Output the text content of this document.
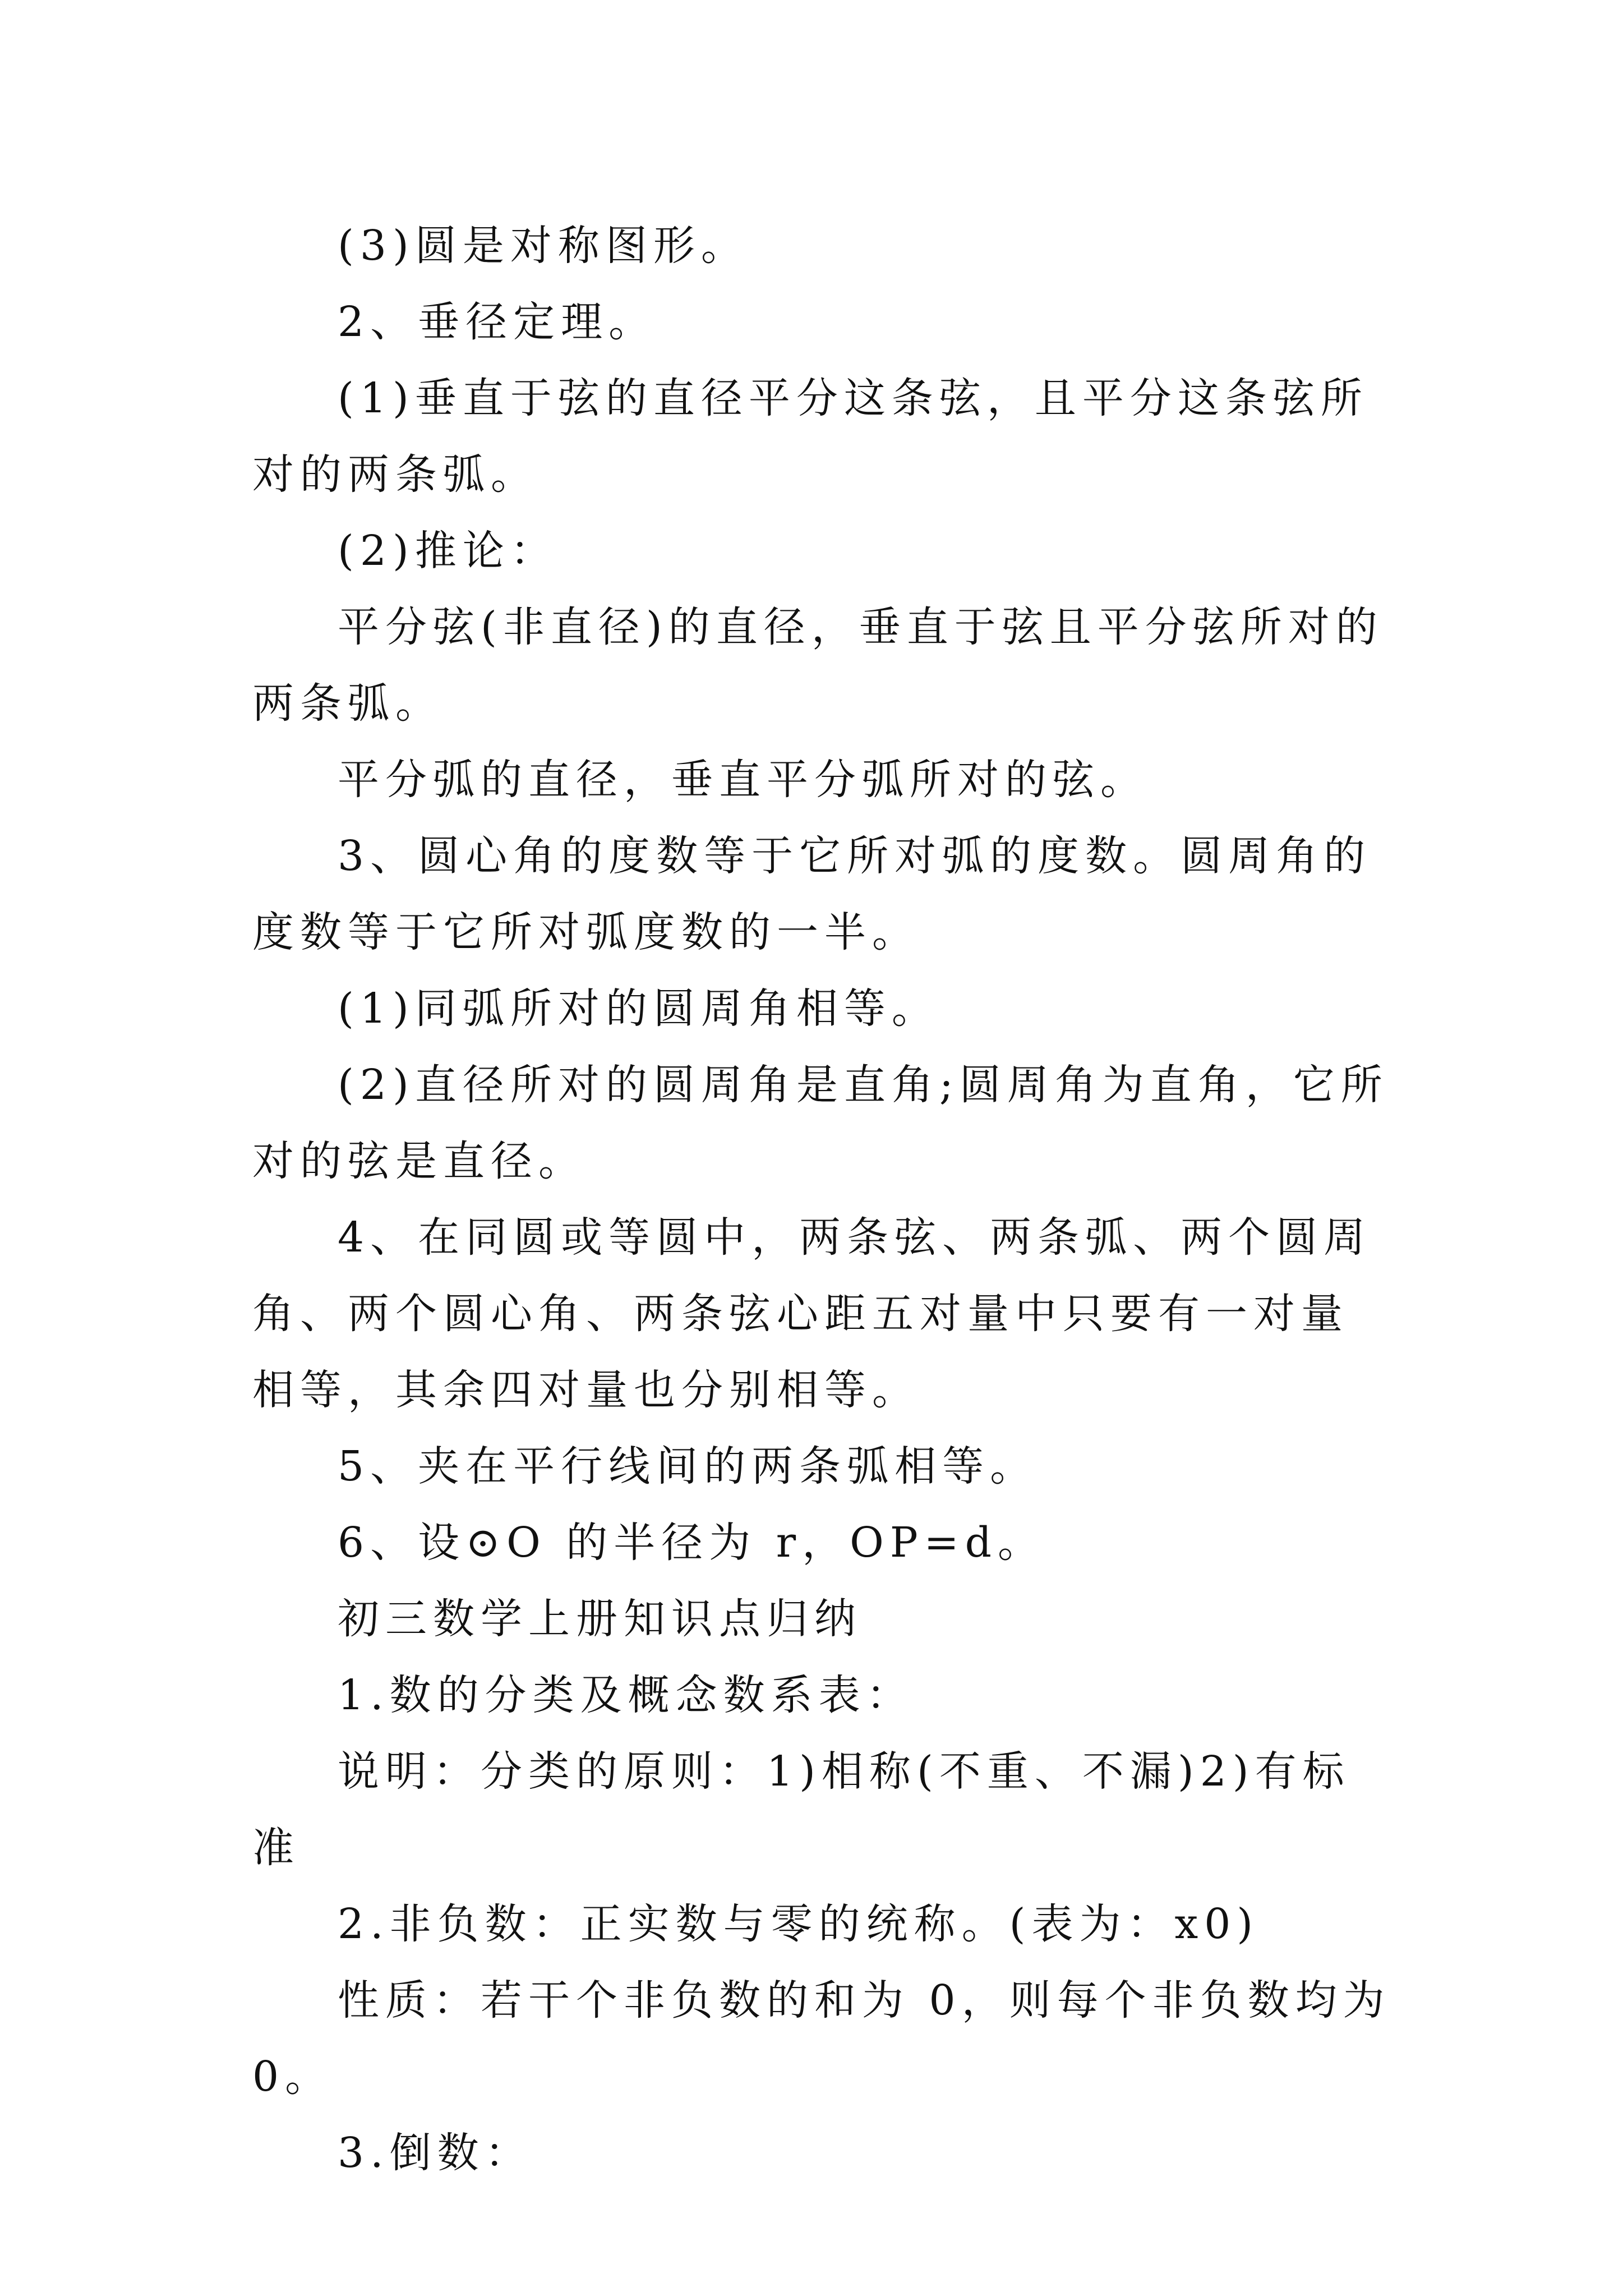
(3)圆是对称图形。

2、垂径定理。

(1)垂直于弦的直径平分这条弦，且平分这条弦所对的两条弧。

(2)推论：

平分弦(非直径)的直径，垂直于弦且平分弦所对的两条弧。

平分弧的直径，垂直平分弧所对的弦。

3、圆心角的度数等于它所对弧的度数。圆周角的度数等于它所对弧度数的一半。

(1)同弧所对的圆周角相等。

(2)直径所对的圆周角是直角;圆周角为直角，它所对的弦是直径。

4、在同圆或等圆中，两条弦、两条弧、两个圆周角、两个圆心角、两条弦心距五对量中只要有一对量相等，其余四对量也分别相等。

5、夹在平行线间的两条弧相等。

6、设⊙O 的半径为 r，OP=d。

初三数学上册知识点归纳

1.数的分类及概念数系表：

说明：分类的原则：1)相称(不重、不漏)2)有标准

2.非负数：正实数与零的统称。(表为：x0)

性质：若干个非负数的和为 0，则每个非负数均为 0。

3.倒数：
